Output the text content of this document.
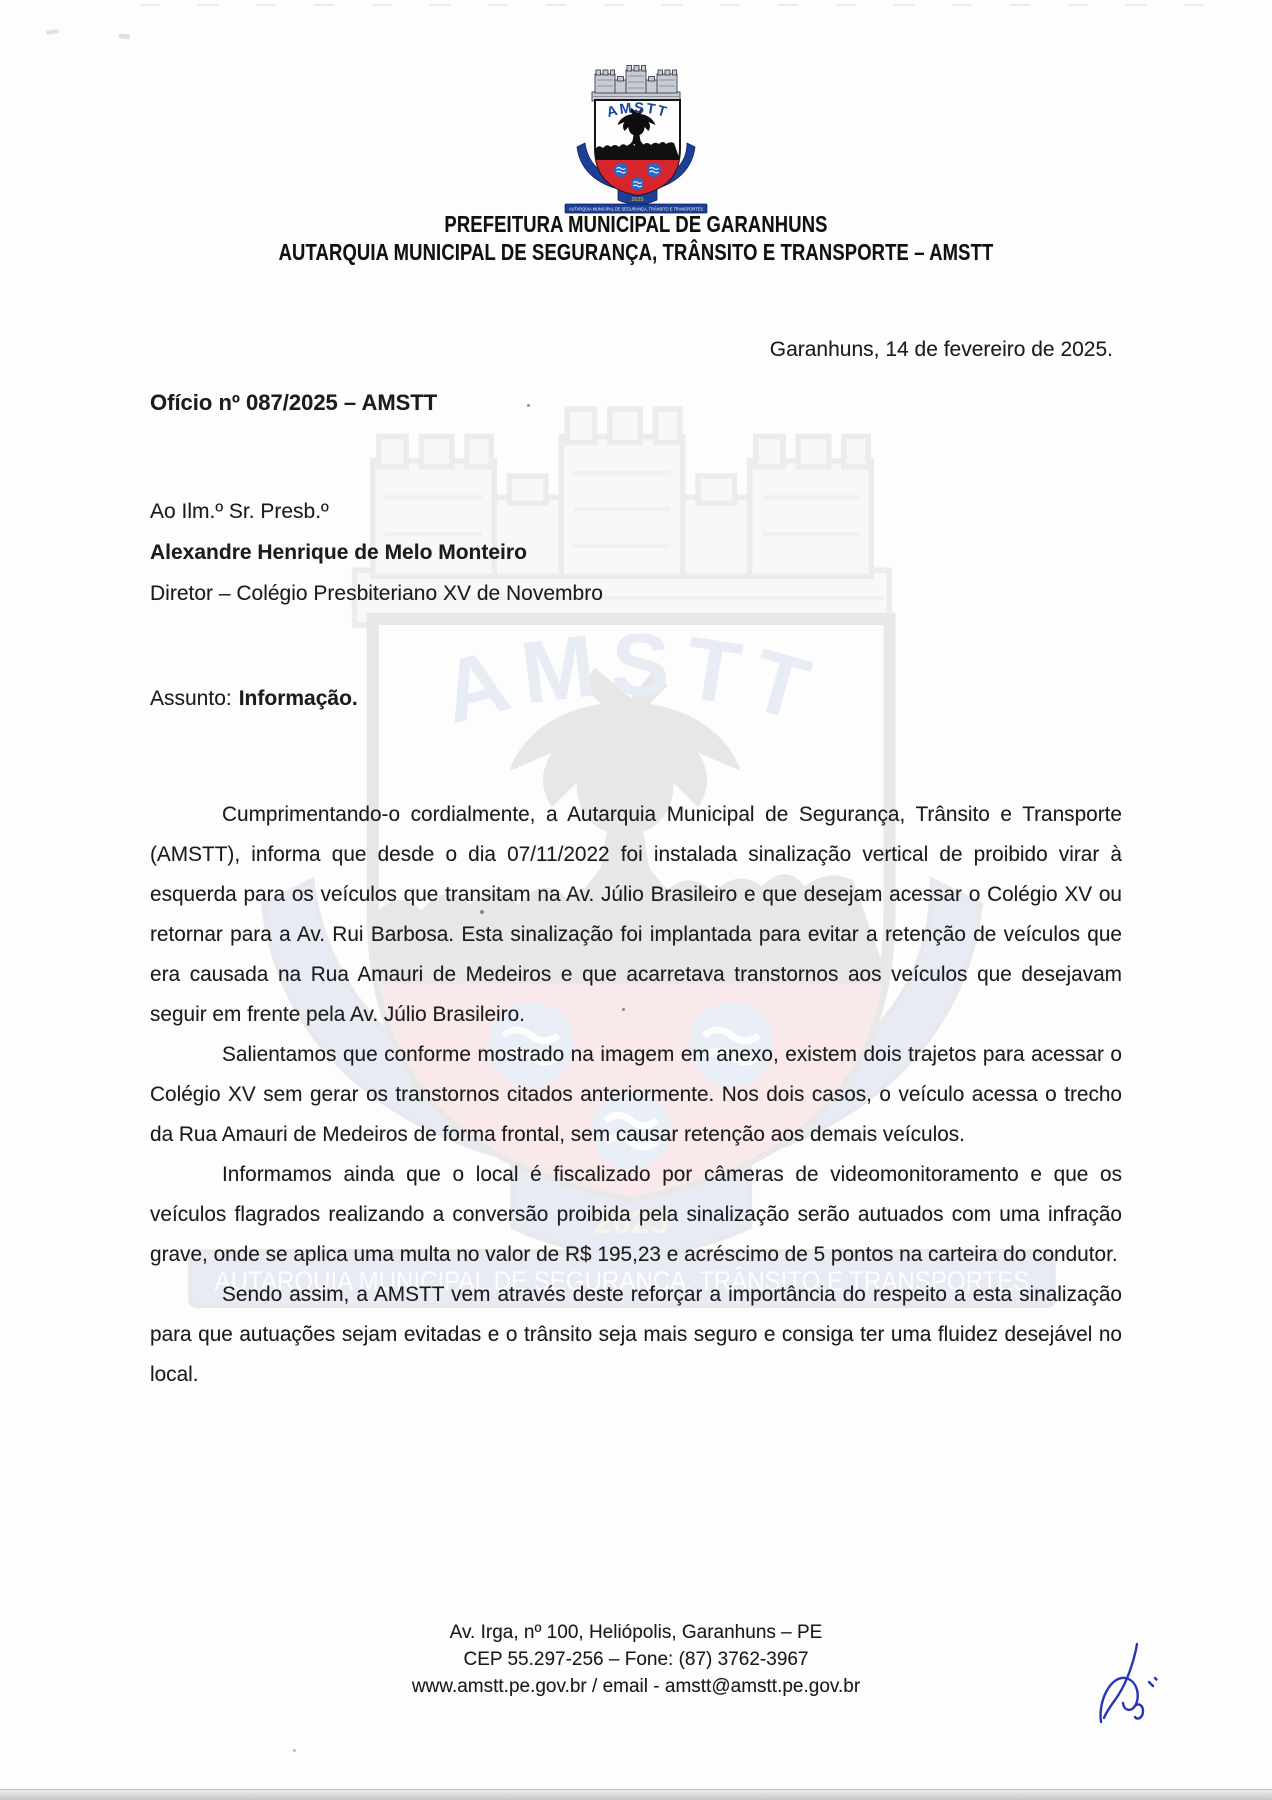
PREFEITURA MUNICIPAL DE GARANHUNS
AUTARQUIA MUNICIPAL DE SEGURANÇA, TRÂNSITO E TRANSPORTE – AMSTT
Garanhuns, 14 de fevereiro de 2025.
Ofício nº 087/2025 – AMSTT
Ao Ilm.º Sr. Presb.º
Alexandre Henrique de Melo Monteiro
Diretor – Colégio Presbiteriano XV de Novembro
Assunto: Informação.

Cumprimentando-o cordialmente, a Autarquia Municipal de Segurança, Trânsito e Transporte (AMSTT), informa que desde o dia 07/11/2022 foi instalada sinalização vertical de proibido virar à esquerda para os veículos que transitam na Av. Júlio Brasileiro e que desejam acessar o Colégio XV ou retornar para a Av. Rui Barbosa. Esta sinalização foi implantada para evitar a retenção de veículos que era causada na Rua Amauri de Medeiros e que acarretava transtornos aos veículos que desejavam seguir em frente pela Av. Júlio Brasileiro.

Salientamos que conforme mostrado na imagem em anexo, existem dois trajetos para acessar o Colégio XV sem gerar os transtornos citados anteriormente. Nos dois casos, o veículo acessa o trecho da Rua Amauri de Medeiros de forma frontal, sem causar retenção aos demais veículos.

Informamos ainda que o local é fiscalizado por câmeras de videomonitoramento e que os veículos flagrados realizando a conversão proibida pela sinalização serão autuados com uma infração grave, onde se aplica uma multa no valor de R$ 195,23 e acréscimo de 5 pontos na carteira do condutor.

Sendo assim, a AMSTT vem através deste reforçar a importância do respeito a esta sinalização para que autuações sejam evitadas e o trânsito seja mais seguro e consiga ter uma fluidez desejável no local.

Av. Irga, nº 100, Heliópolis, Garanhuns – PE
CEP 55.297-256 – Fone: (87) 3762-3967
www.amstt.pe.gov.br / email - amstt@amstt.pe.gov.br
